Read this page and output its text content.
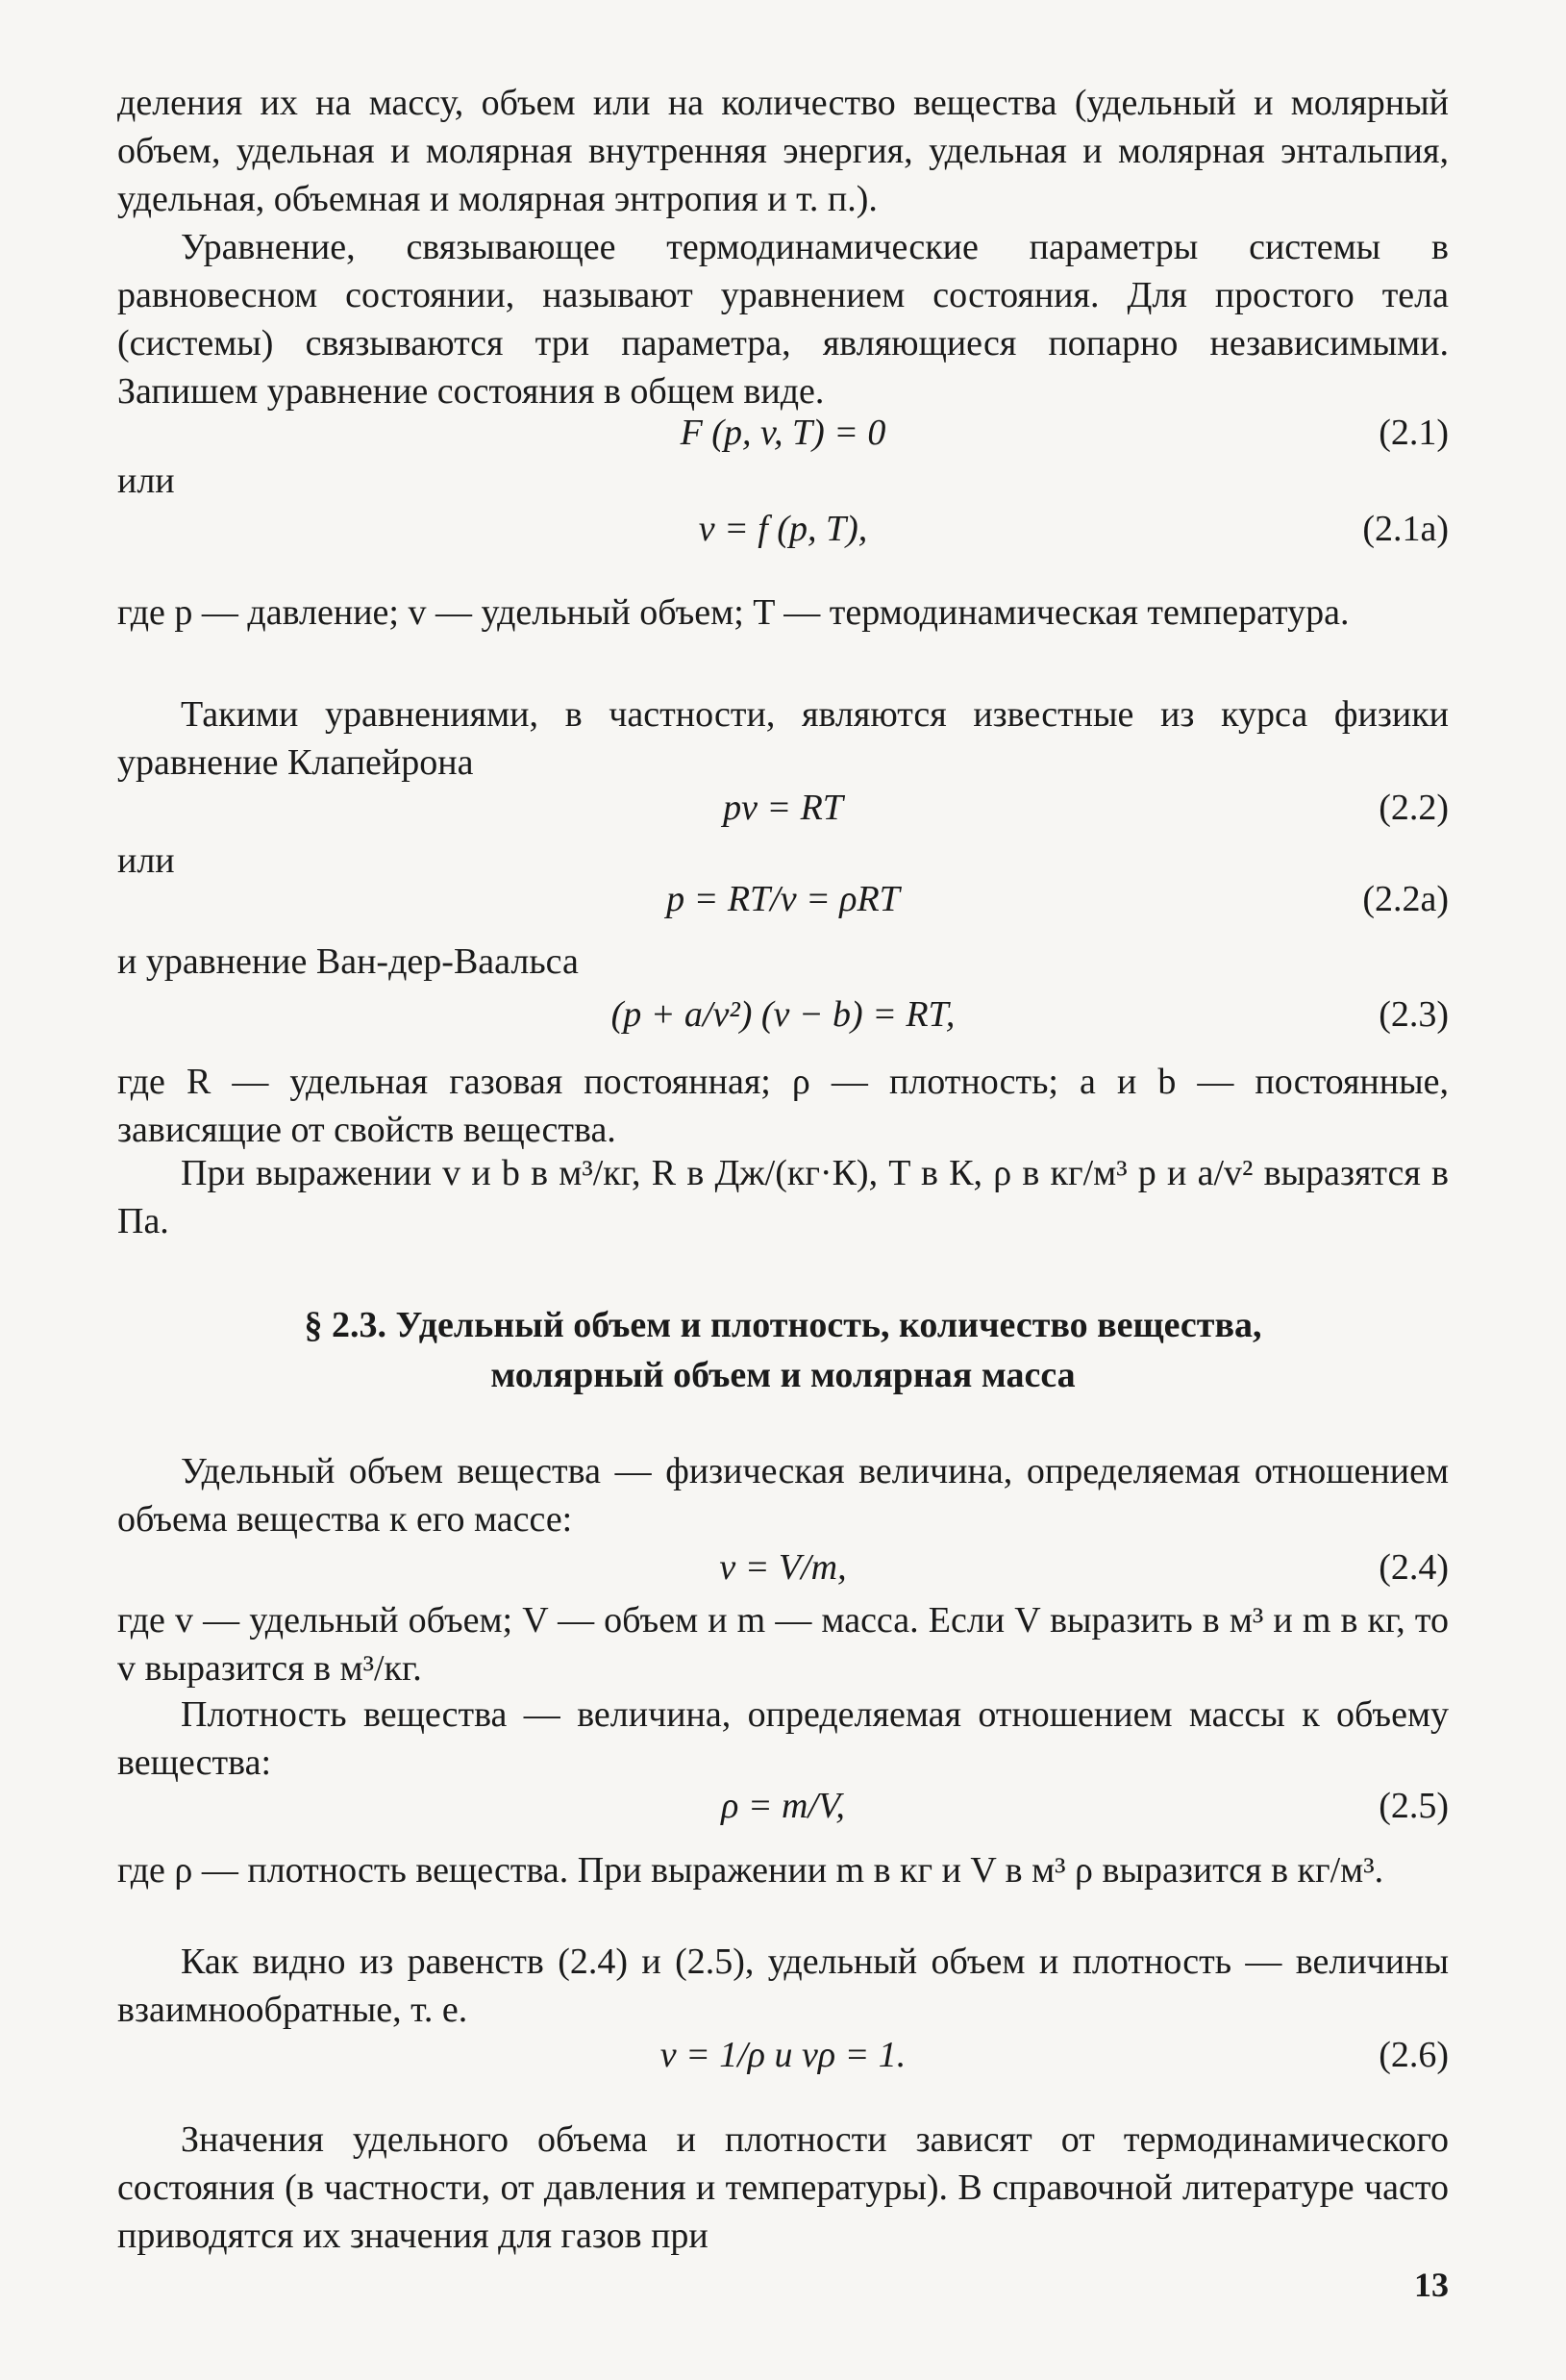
деления их на массу, объем или на количество вещества (удельный и молярный объем, удельная и молярная внутренняя энергия, удельная и молярная энтальпия, удельная, объемная и молярная энтропия и т. п.).

Уравнение, связывающее термодинамические параметры системы в равновесном состоянии, называют уравнением состояния. Для простого тела (системы) связываются три параметра, являющиеся попарно независимыми. Запишем уравнение состояния в общем виде.

F (p, v, T) = 0	(2.1)
или
v = f (p, T),	(2.1a)

где p — давление; v — удельный объем; T — термодинамическая температура.

Такими уравнениями, в частности, являются известные из курса физики уравнение Клапейрона

pv = RT	(2.2)
или
p = RT/v = ρRT	(2.2a)

и уравнение Ван-дер-Ваальса

(p + a/v²) (v − b) = RT,	(2.3)

где R — удельная газовая постоянная; ρ — плотность; a и b — постоянные, зависящие от свойств вещества.

При выражении v и b в м³/кг, R в Дж/(кг·К), T в К, ρ в кг/м³ p и a/v² выразятся в Па.

§ 2.3. Удельный объем и плотность, количество вещества,
молярный объем и молярная масса

Удельный объем вещества — физическая величина, определяемая отношением объема вещества к его массе:

v = V/m,	(2.4)

где v — удельный объем; V — объем и m — масса. Если V выразить в м³ и m в кг, то v выразится в м³/кг.

Плотность вещества — величина, определяемая отношением массы к объему вещества:

ρ = m/V,	(2.5)

где ρ — плотность вещества. При выражении m в кг и V в м³ ρ выразится в кг/м³.

Как видно из равенств (2.4) и (2.5), удельный объем и плотность — величины взаимнообратные, т. е.

v = 1/ρ и vρ = 1.	(2.6)

Значения удельного объема и плотности зависят от термодинамического состояния (в частности, от давления и температуры). В справочной литературе часто приводятся их значения для газов при

13
